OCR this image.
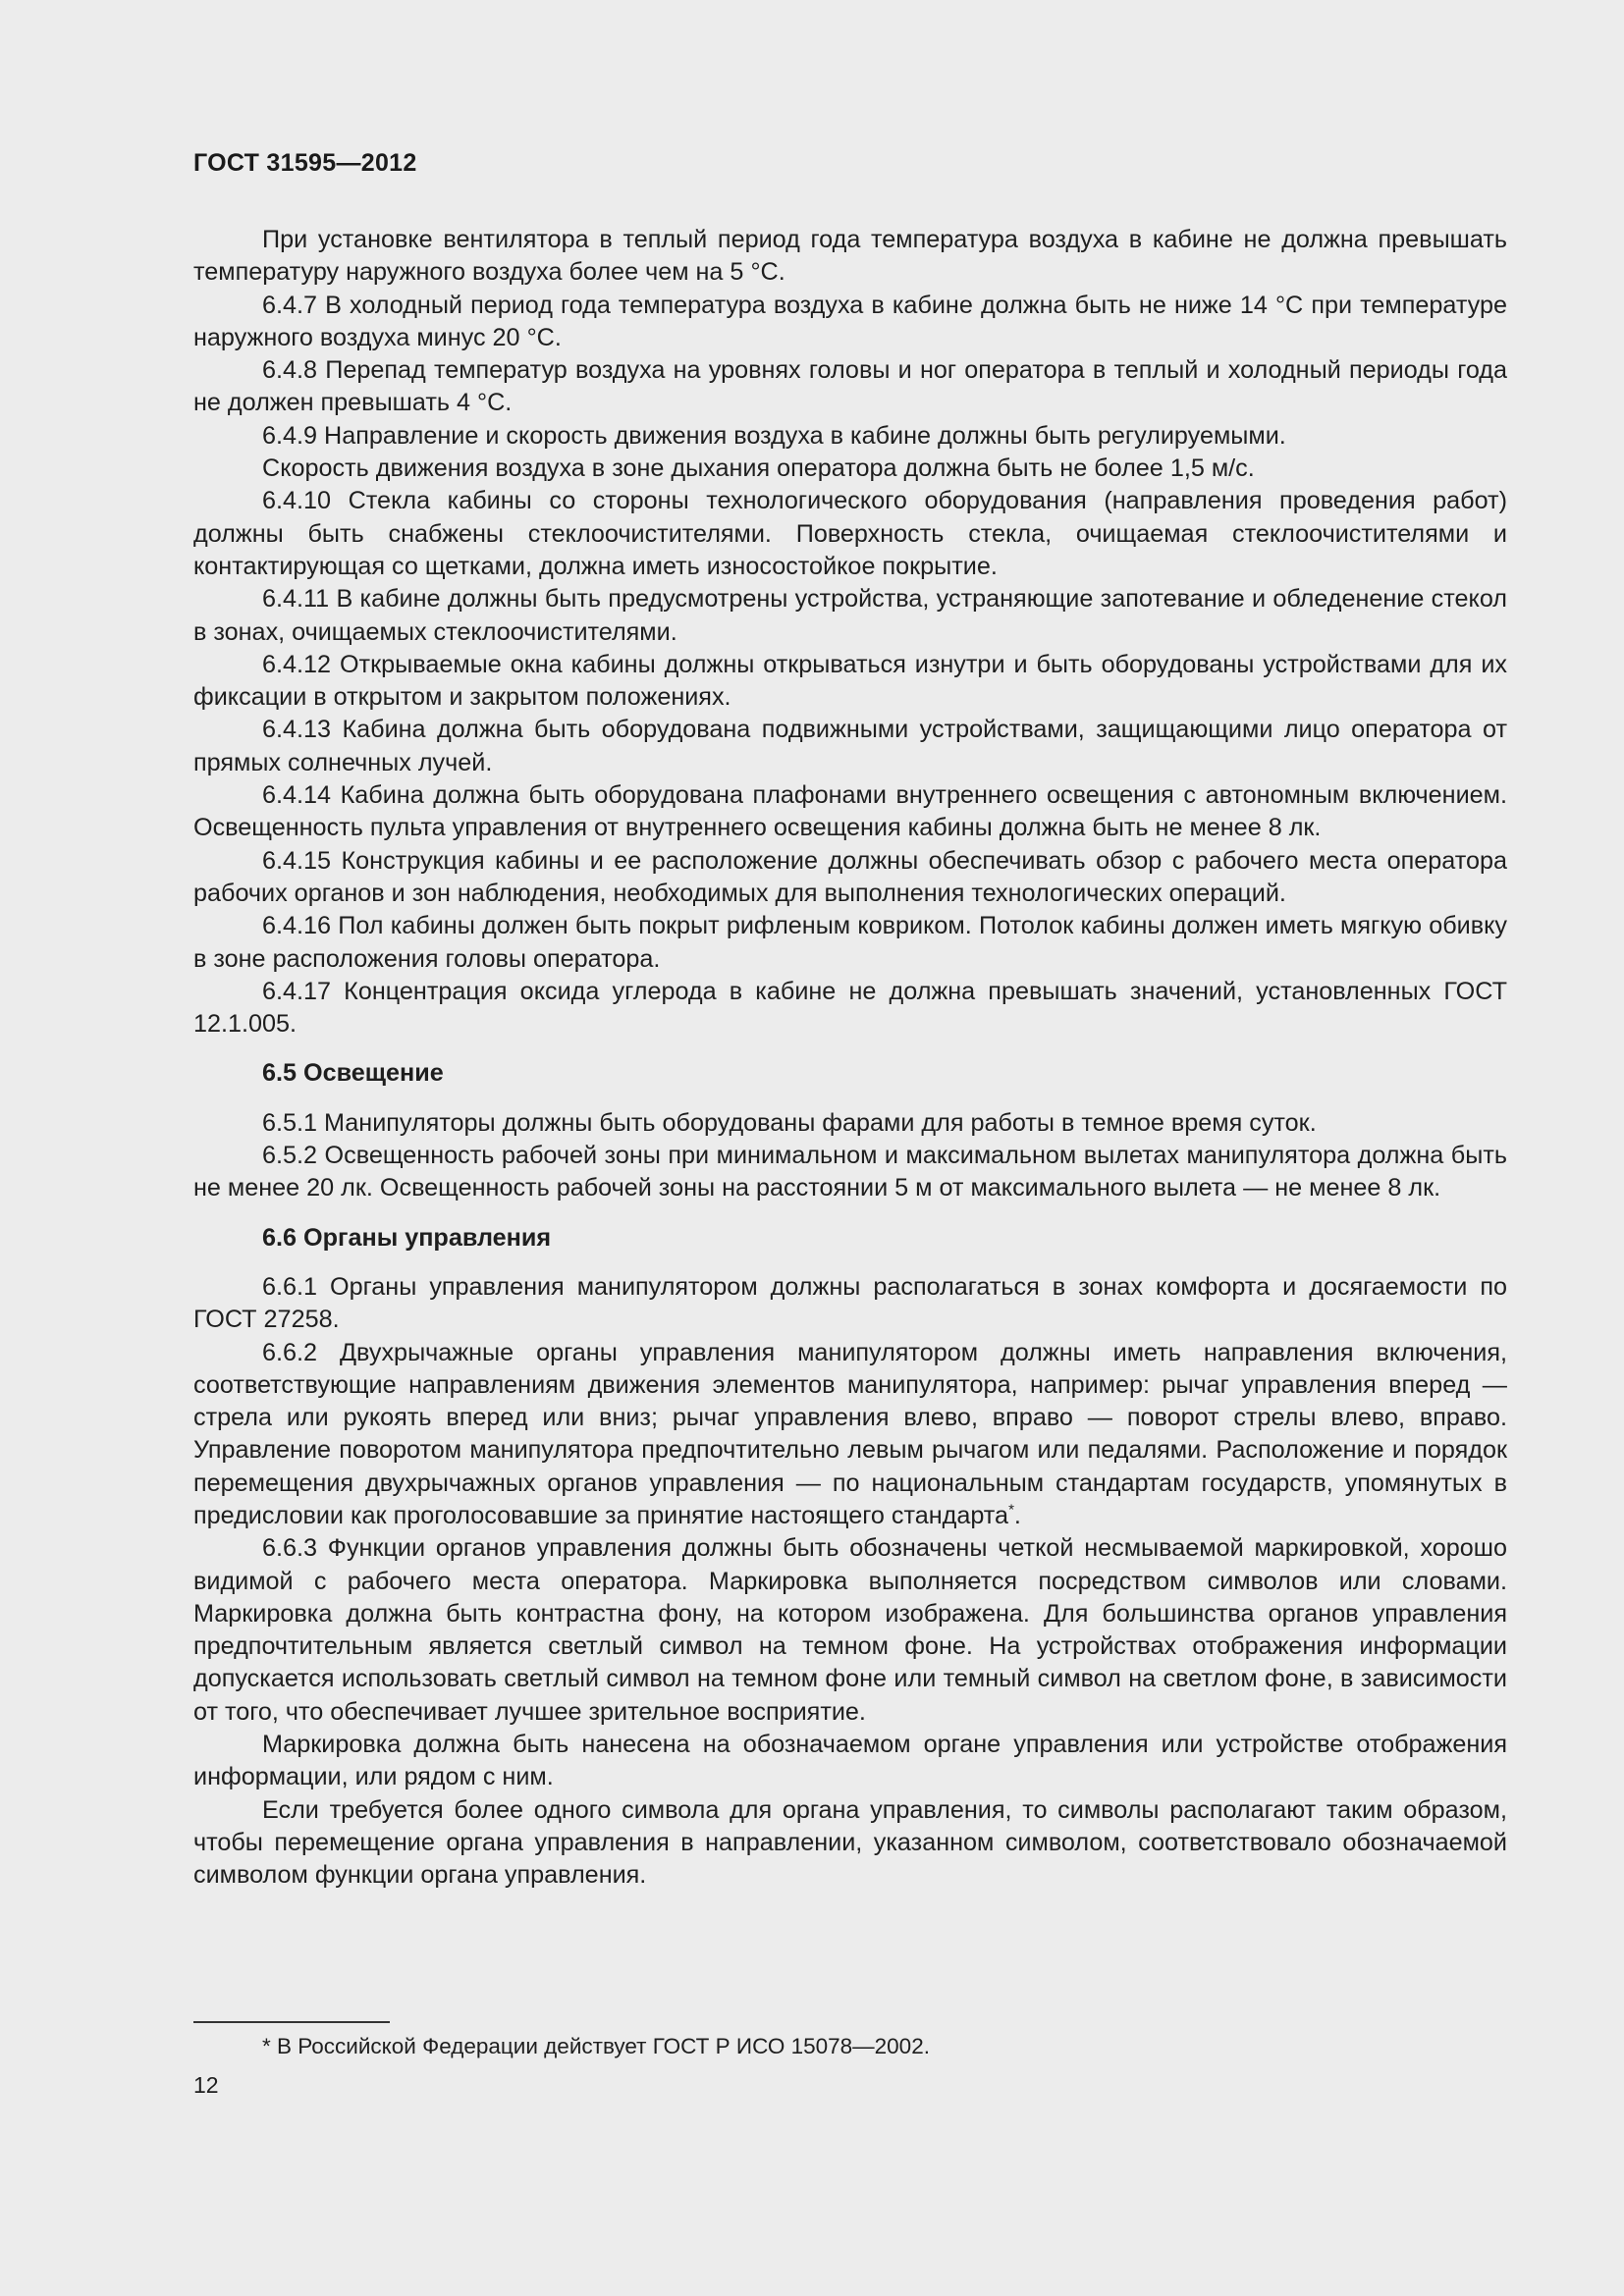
ГОСТ 31595—2012

При установке вентилятора в теплый период года температура воздуха в кабине не должна превышать температуру наружного воздуха более чем на 5 °С.

6.4.7 В холодный период года температура воздуха в кабине должна быть не ниже 14 °С при температуре наружного воздуха минус 20 °С.

6.4.8 Перепад температур воздуха на уровнях головы и ног оператора в теплый и холодный периоды года не должен превышать 4 °С.

6.4.9 Направление и скорость движения воздуха в кабине должны быть регулируемыми.

Скорость движения воздуха в зоне дыхания оператора должна быть не более 1,5 м/с.

6.4.10 Стекла кабины со стороны технологического оборудования (направления проведения работ) должны быть снабжены стеклоочистителями. Поверхность стекла, очищаемая стеклоочистителями и контактирующая со щетками, должна иметь износостойкое покрытие.

6.4.11 В кабине должны быть предусмотрены устройства, устраняющие запотевание и обледенение стекол в зонах, очищаемых стеклоочистителями.

6.4.12 Открываемые окна кабины должны открываться изнутри и быть оборудованы устройствами для их фиксации в открытом и закрытом положениях.

6.4.13 Кабина должна быть оборудована подвижными устройствами, защищающими лицо оператора от прямых солнечных лучей.

6.4.14 Кабина должна быть оборудована плафонами внутреннего освещения с автономным включением. Освещенность пульта управления от внутреннего освещения кабины должна быть не менее 8 лк.

6.4.15 Конструкция кабины и ее расположение должны обеспечивать обзор с рабочего места оператора рабочих органов и зон наблюдения, необходимых для выполнения технологических операций.

6.4.16 Пол кабины должен быть покрыт рифленым ковриком. Потолок кабины должен иметь мягкую обивку в зоне расположения головы оператора.

6.4.17 Концентрация оксида углерода в кабине не должна превышать значений, установленных ГОСТ 12.1.005.

6.5 Освещение

6.5.1 Манипуляторы должны быть оборудованы фарами для работы в темное время суток.

6.5.2 Освещенность рабочей зоны при минимальном и максимальном вылетах манипулятора должна быть не менее 20 лк. Освещенность рабочей зоны на расстоянии 5 м от максимального вылета — не менее 8 лк.

6.6 Органы управления

6.6.1 Органы управления манипулятором должны располагаться в зонах комфорта и досягаемости по ГОСТ 27258.

6.6.2 Двухрычажные органы управления манипулятором должны иметь направления включения, соответствующие направлениям движения элементов манипулятора, например: рычаг управления вперед — стрела или рукоять вперед или вниз; рычаг управления влево, вправо — поворот стрелы влево, вправо. Управление поворотом манипулятора предпочтительно левым рычагом или педалями. Расположение и порядок перемещения двухрычажных органов управления — по национальным стандартам государств, упомянутых в предисловии как проголосовавшие за принятие настоящего стандарта*.

6.6.3 Функции органов управления должны быть обозначены четкой несмываемой маркировкой, хорошо видимой с рабочего места оператора. Маркировка выполняется посредством символов или словами. Маркировка должна быть контрастна фону, на котором изображена. Для большинства органов управления предпочтительным является светлый символ на темном фоне. На устройствах отображения информации допускается использовать светлый символ на темном фоне или темный символ на светлом фоне, в зависимости от того, что обеспечивает лучшее зрительное восприятие.

Маркировка должна быть нанесена на обозначаемом органе управления или устройстве отображения информации, или рядом с ним.

Если требуется более одного символа для органа управления, то символы располагают таким образом, чтобы перемещение органа управления в направлении, указанном символом, соответствовало обозначаемой символом функции органа управления.

* В Российской Федерации действует ГОСТ Р ИСО 15078—2002.
12
